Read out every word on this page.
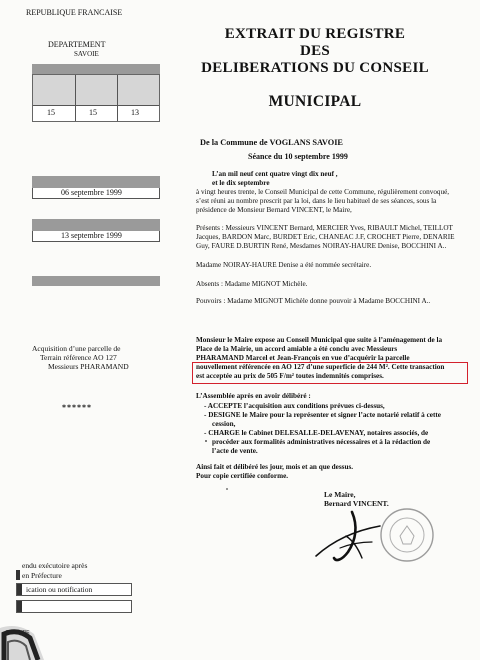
REPUBLIQUE FRANCAISE
DEPARTEMENT
SAVOIE
15	15	13
06 septembre 1999
13 septembre 1999
Acquisition d’une parcelle de
Terrain référence AO 127
Messieurs PHARAMAND
******
endu exécutoire après
en Préfecture
ication ou notification
FECTURE
EXTRAIT DU REGISTRE
DES
DELIBERATIONS DU CONSEIL
MUNICIPAL
De la Commune de VOGLANS SAVOIE
Séance du 10 septembre 1999
L’an mil neuf cent quatre vingt dix neuf ,
et le dix septembre
à vingt heures trente, le Conseil Municipal de cette Commune, régulièrement convoqué,
s’est réuni au nombre prescrit par la loi, dans le lieu habituel de ses séances, sous la
présidence de Monsieur Bernard VINCENT, le Maire,
Présents : Messieurs VINCENT Bernard, MERCIER Yves, RIBAULT Michel, TEILLOT
Jacques, BARDON Marc, BURDET Eric, CHANEAC J.F, CROCHET Pierre, DENARIE
Guy, FAURE D.BURTIN René, Mesdames NOIRAY-HAURE Denise, BOCCHINI A..
Madame NOIRAY-HAURE Denise a été nommée secrétaire.
Absents : Madame MIGNOT Michèle.
Pouvoirs : Madame MIGNOT Michèle donne pouvoir à Madame BOCCHINI A..
Monsieur le Maire expose au Conseil Municipal que suite à l’aménagement de la
Place de la Mairie, un accord amiable a été conclu avec Messieurs
PHARAMAND Marcel et Jean-François en vue d’acquérir la parcelle
nouvellement référencée en AO 127 d’une superficie de 244 M². Cette transaction
est acceptée au prix de 505 F/m² toutes indemnités comprises.
L’Assemblée après en avoir délibéré :
- ACCEPTE l’acquisition aux conditions prévues ci-dessus,
- DESIGNE le Maire pour la représenter et signer l’acte notarié relatif à cette
cession,
- CHARGE le Cabinet DELESALLE-DELAVENAY, notaires associés, de
procéder aux formalités administratives nécessaires et à la rédaction de
l’acte de vente.
Ainsi fait et délibéré les jour, mois et an que dessus.
Pour copie certifiée conforme.
Le Maire,
Bernard VINCENT.
